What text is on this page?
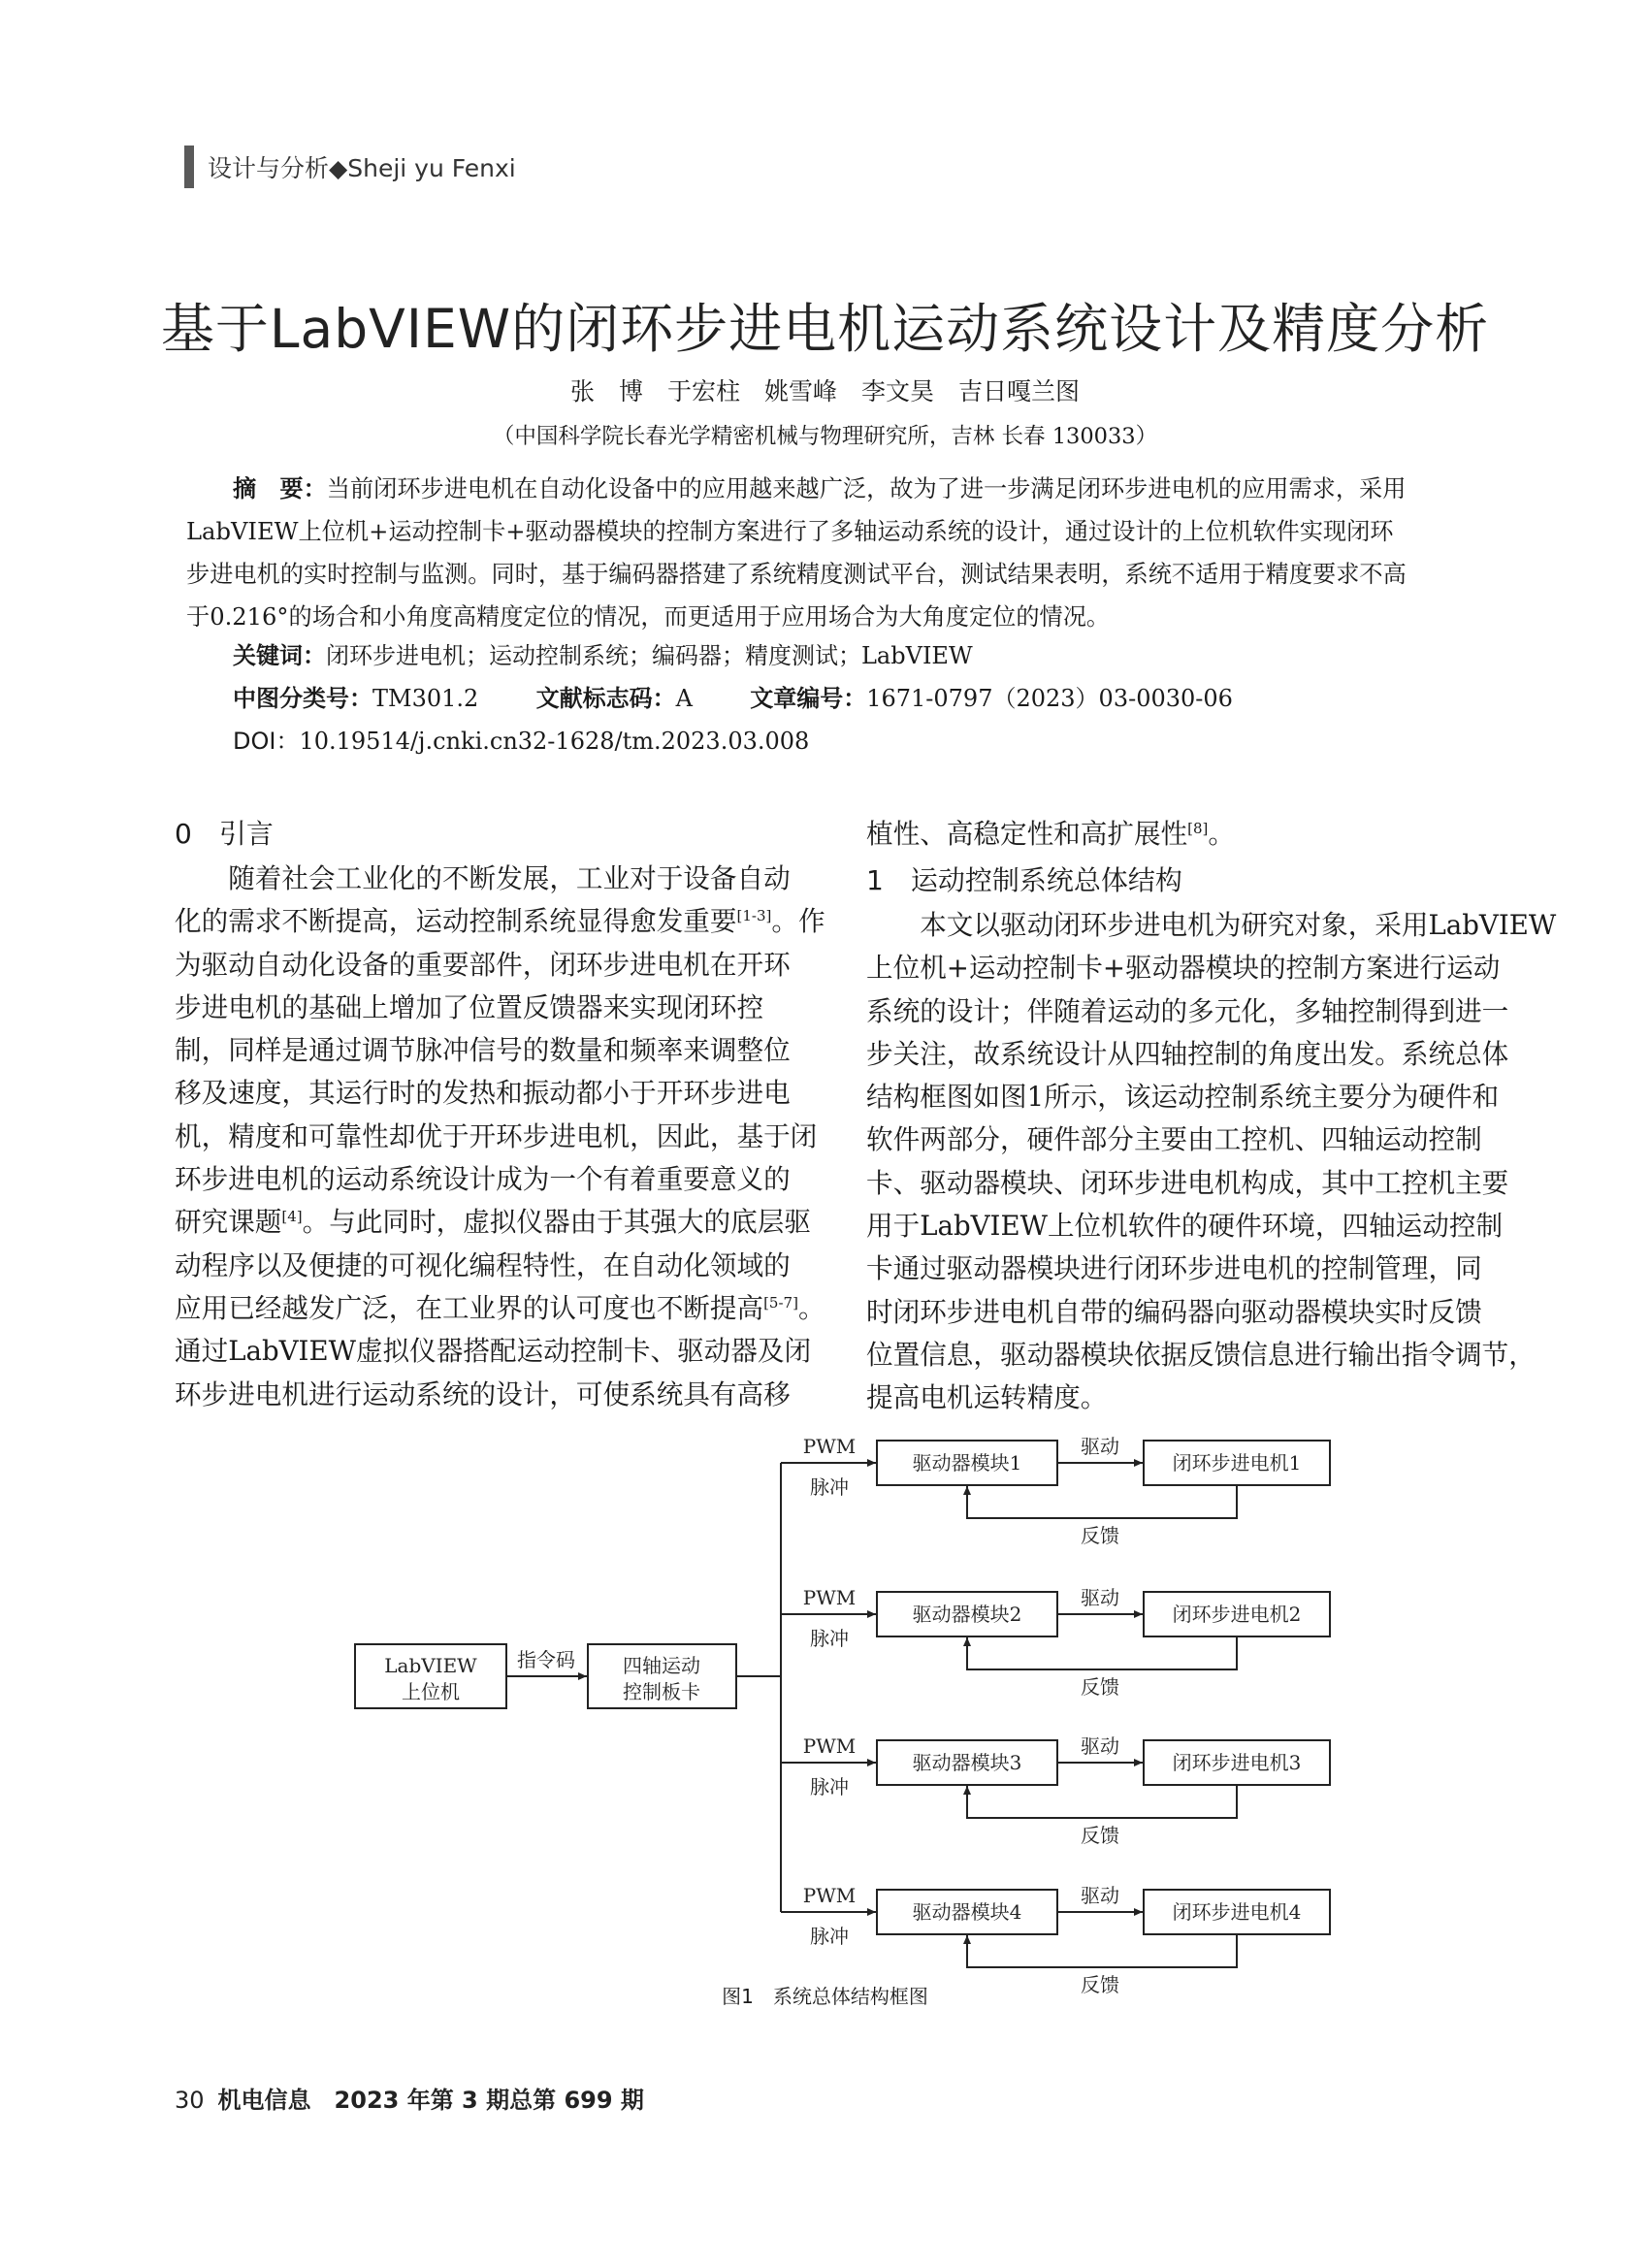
设计与分析◆Sheji yu Fenxi
基于LabVIEW的闭环步进电机运动系统设计及精度分析
张　博　于宏柱　姚雪峰　李文昊　吉日嘎兰图
（中国科学院长春光学精密机械与物理研究所，吉林 长春 130033）
摘　要：当前闭环步进电机在自动化设备中的应用越来越广泛，故为了进一步满足闭环步进电机的应用需求，采用
LabVIEW上位机+运动控制卡+驱动器模块的控制方案进行了多轴运动系统的设计，通过设计的上位机软件实现闭环
步进电机的实时控制与监测。同时，基于编码器搭建了系统精度测试平台，测试结果表明，系统不适用于精度要求不高
于0.216°的场合和小角度高精度定位的情况，而更适用于应用场合为大角度定位的情况。
关键词：闭环步进电机；运动控制系统；编码器；精度测试；LabVIEW
中图分类号：TM301.2 文献标志码：A 文章编号：1671-0797（2023）03-0030-06
DOI：10.19514/j.cnki.cn32-1628/tm.2023.03.008
0　引言
　　随着社会工业化的不断发展，工业对于设备自动
化的需求不断提高，运动控制系统显得愈发重要[1-3]。作
为驱动自动化设备的重要部件，闭环步进电机在开环
步进电机的基础上增加了位置反馈器来实现闭环控
制，同样是通过调节脉冲信号的数量和频率来调整位
移及速度，其运行时的发热和振动都小于开环步进电
机，精度和可靠性却优于开环步进电机，因此，基于闭
环步进电机的运动系统设计成为一个有着重要意义的
研究课题[4]。与此同时，虚拟仪器由于其强大的底层驱
动程序以及便捷的可视化编程特性，在自动化领域的
应用已经越发广泛，在工业界的认可度也不断提高[5-7]。
通过LabVIEW虚拟仪器搭配运动控制卡、驱动器及闭
环步进电机进行运动系统的设计，可使系统具有高移
植性、高稳定性和高扩展性[8]。
1　运动控制系统总体结构
　　本文以驱动闭环步进电机为研究对象，采用LabVIEW
上位机+运动控制卡+驱动器模块的控制方案进行运动
系统的设计；伴随着运动的多元化，多轴控制得到进一
步关注，故系统设计从四轴控制的角度出发。系统总体
结构框图如图1所示，该运动控制系统主要分为硬件和
软件两部分，硬件部分主要由工控机、四轴运动控制
卡、驱动器模块、闭环步进电机构成，其中工控机主要
用于LabVIEW上位机软件的硬件环境，四轴运动控制
卡通过驱动器模块进行闭环步进电机的控制管理，同
时闭环步进电机自带的编码器向驱动器模块实时反馈
位置信息，驱动器模块依据反馈信息进行输出指令调节，
提高电机运转精度。
LabVIEW
上位机
指令码 四轴运动
控制板卡
PWM
脉冲
驱动器模块1
驱动
闭环步进电机1
反馈
PWM
脉冲
驱动器模块2
驱动
闭环步进电机2
反馈
PWM
脉冲
驱动器模块3
驱动
闭环步进电机3
反馈
PWM
脉冲
驱动器模块4
驱动
闭环步进电机4
反馈
图1　系统总体结构框图
30 机电信息　2023 年第 3 期总第 699 期
